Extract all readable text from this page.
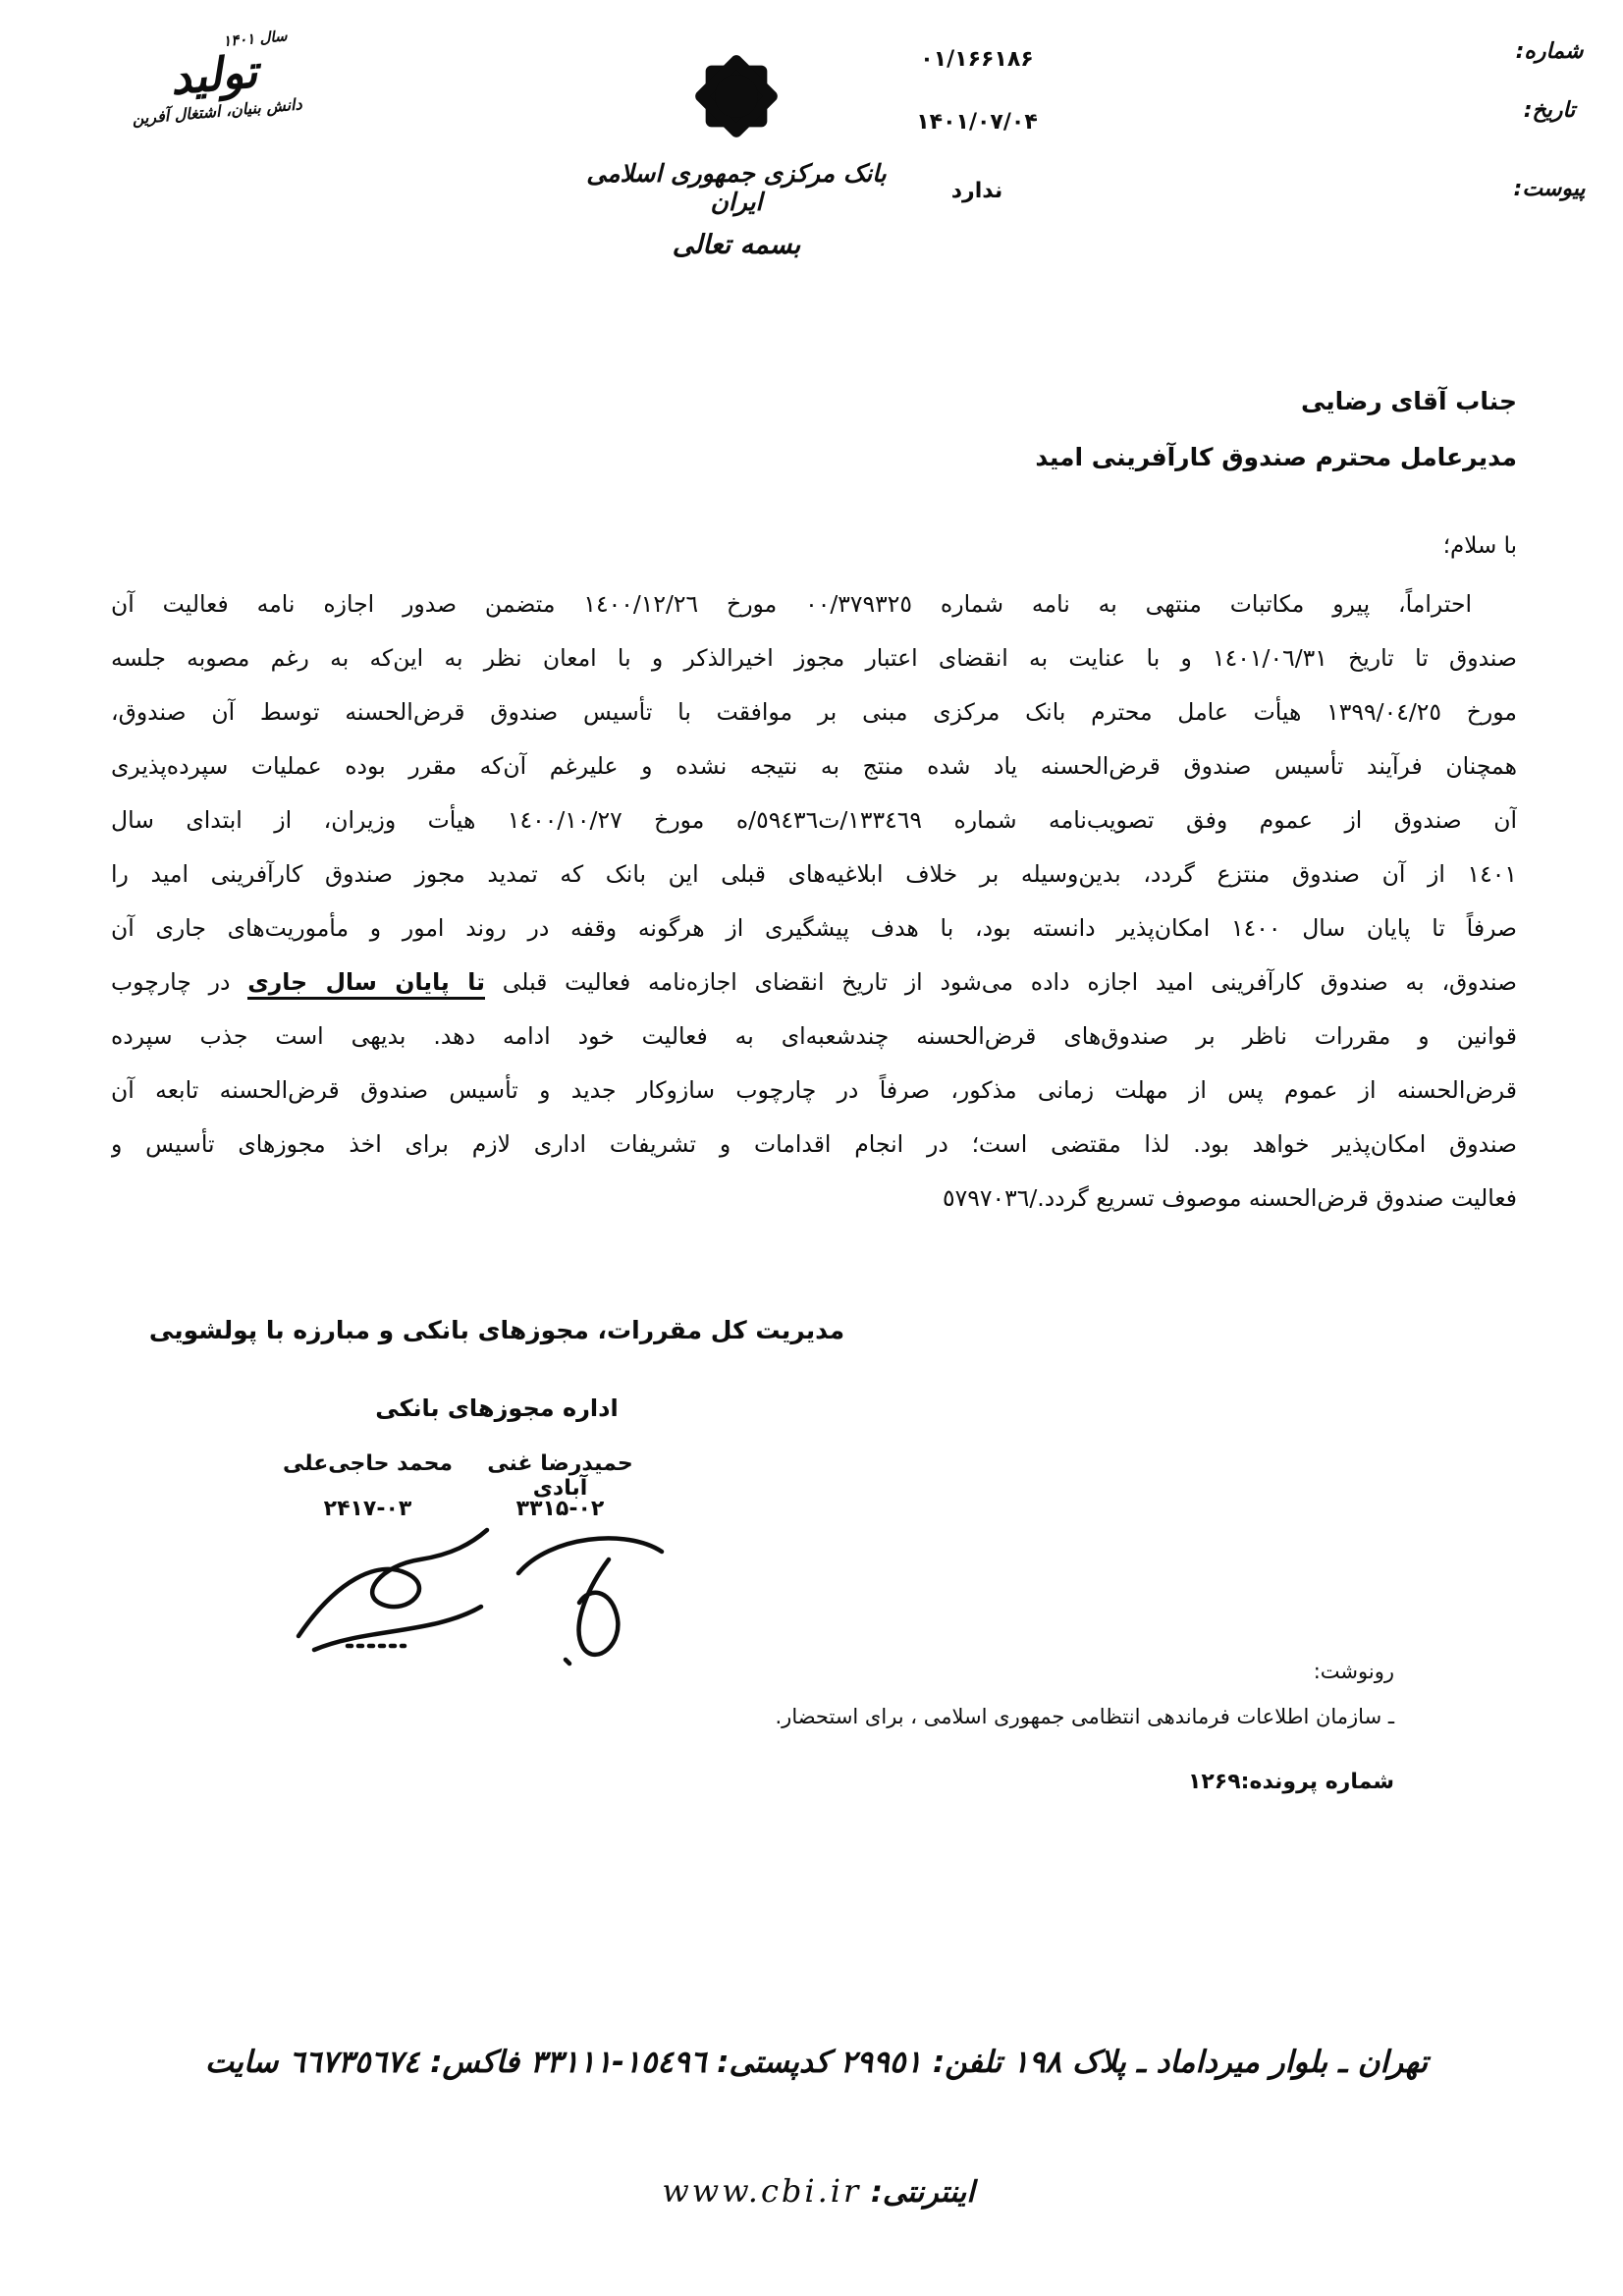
سال ۱۴۰۱
تولید
دانش بنیان، اشتغال آفرین
بانک مرکزی جمهوری اسلامی ایران
بسمه تعالی
شماره:
۰۱/۱۶۶۱۸۶
تاریخ:
۱۴۰۱/۰۷/۰۴
پیوست:
ندارد
جناب آقای رضایی
مدیرعامل محترم صندوق کارآفرینی امید
با سلام؛
احتراماً، پیرو مکاتبات منتهی به نامه شماره ٠٠/٣٧٩٣٢٥ مورخ ١٤٠٠/١٢/٢٦ متضمن صدور اجازه نامه فعالیت آن
صندوق تا تاریخ ١٤٠١/٠٦/٣١ و با عنایت به انقضای اعتبار مجوز اخیرالذکر و با امعان نظر به این‌که به رغم مصوبه جلسه
مورخ ١٣٩٩/٠٤/٢٥ هیأت عامل محترم بانک مرکزی مبنی بر موافقت با تأسیس صندوق قرض‌الحسنه توسط آن صندوق،
همچنان فرآیند تأسیس صندوق قرض‌الحسنه یاد شده منتج به نتیجه نشده و علیرغم آن‌که مقرر بوده عملیات سپرده‌پذیری
آن صندوق از عموم وفق تصویب‌نامه شماره ١٣٣٤٦٩/ت٥٩٤٣٦/ه مورخ ١٤٠٠/١٠/٢٧ هیأت وزیران، از ابتدای سال
١٤٠١ از آن صندوق منتزع گردد، بدین‌وسیله بر خلاف ابلاغیه‌های قبلی این بانک که تمدید مجوز صندوق کارآفرینی امید را
صرفاً تا پایان سال ١٤٠٠ امکان‌پذیر دانسته بود، با هدف پیشگیری از هرگونه وقفه در روند امور و مأموریت‌های جاری آن
صندوق، به صندوق کارآفرینی امید اجازه داده می‌شود از تاریخ انقضای اجازه‌نامه فعالیت قبلی تا پایان سال جاری در چارچوب
قوانین و مقررات ناظر بر صندوق‌های قرض‌الحسنه چندشعبه‌ای به فعالیت خود ادامه دهد. بدیهی است جذب سپرده
قرض‌الحسنه از عموم پس از مهلت زمانی مذکور، صرفاً در چارچوب سازوکار جدید و تأسیس صندوق قرض‌الحسنه تابعه آن
صندوق امکان‌پذیر خواهد بود. لذا مقتضی است؛ در انجام اقدامات و تشریفات اداری لازم برای اخذ مجوزهای تأسیس و
فعالیت صندوق قرض‌الحسنه موصوف تسریع گردد./٥٧٩٧٠٣٦
مدیریت کل مقررات، مجوزهای بانکی و مبارزه با پولشویی
اداره مجوزهای بانکی
حمیدرضا غنی آبادی
۳۳۱۵-۰۲
محمد حاجی‌علی
۲۴۱۷-۰۳
رونوشت:
ـ سازمان اطلاعات فرماندهی انتظامی جمهوری اسلامی ، برای استحضار.
شماره پرونده:۱۲۶۹
تهران ـ بلوار میرداماد ـ پلاک ١٩٨ تلفن: ٢٩٩٥١ کدپستی: ١٥٤٩٦-٣٣١١١ فاکس: ٦٦٧٣٥٦٧٤ سایت
اینترنتی: www.cbi.ir
